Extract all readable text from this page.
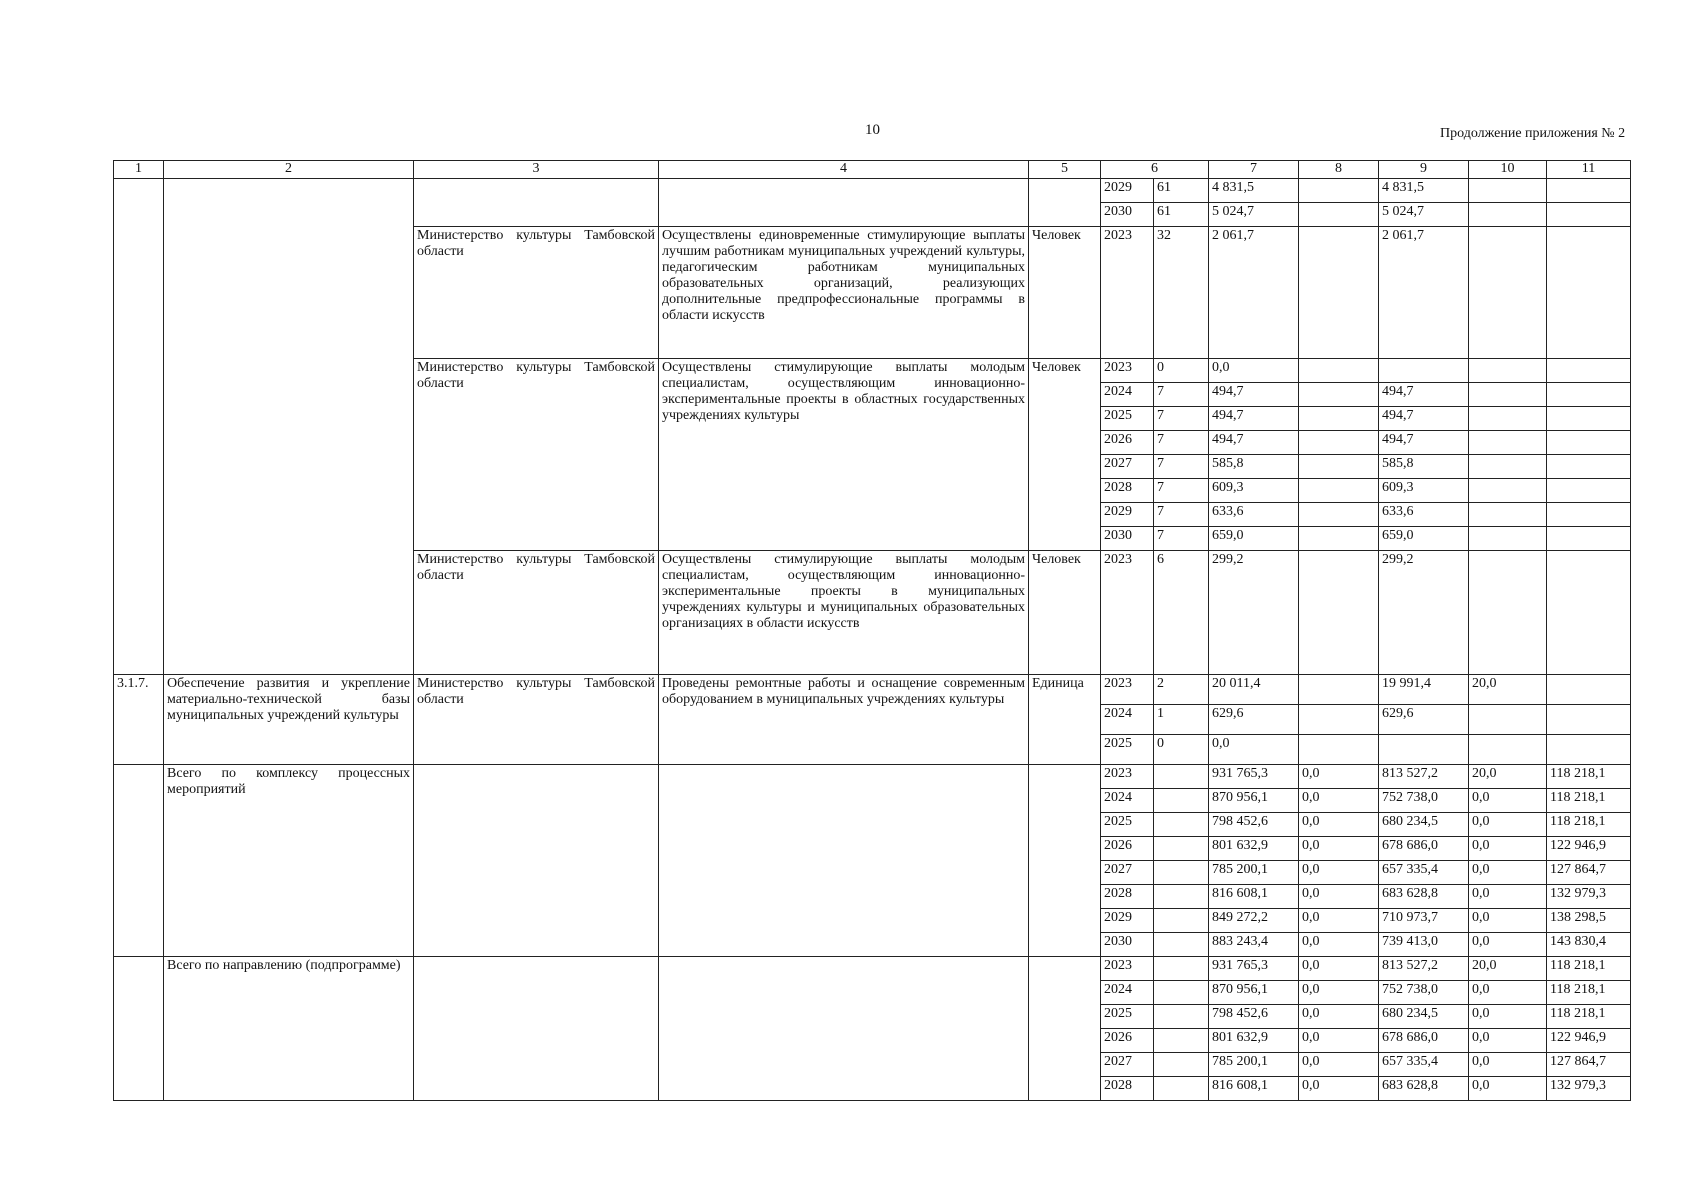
10	Продолжение приложения № 2
1	2	3	4	5	6		7	8	9	10	11
					2029	61	4 831,5		4 831,5		
					2030	61	5 024,7		5 024,7		
		Министерство культуры Тамбовской области	Осуществлены единовременные стимулирующие выплаты лучшим работникам муниципальных учреждений культуры, педагогическим работникам муниципальных образовательных организаций, реализующих дополнительные предпрофессиональные программы в области искусств	Человек	2023	32	2 061,7		2 061,7		
		Министерство культуры Тамбовской области	Осуществлены стимулирующие выплаты молодым специалистам, осуществляющим инновационно-экспериментальные проекты в областных государственных учреждениях культуры	Человек	2023	0	0,0				
					2024	7	494,7		494,7		
					2025	7	494,7		494,7		
					2026	7	494,7		494,7		
					2027	7	585,8		585,8		
					2028	7	609,3		609,3		
					2029	7	633,6		633,6		
					2030	7	659,0		659,0		
		Министерство культуры Тамбовской области	Осуществлены стимулирующие выплаты молодым специалистам, осуществляющим инновационно-экспериментальные проекты в муниципальных учреждениях культуры и муниципальных образовательных организациях в области искусств	Человек	2023	6	299,2		299,2		
3.1.7.	Обеспечение развития и укрепление материально-технической базы муниципальных учреждений культуры	Министерство культуры Тамбовской области	Проведены ремонтные работы и оснащение современным оборудованием в муниципальных учреждениях культуры	Единица	2023	2	20 011,4		19 991,4	20,0	
					2024	1	629,6		629,6		
					2025	0	0,0				
	Всего по комплексу процессных мероприятий				2023		931 765,3	0,0	813 527,2	20,0	118 218,1
					2024		870 956,1	0,0	752 738,0	0,0	118 218,1
					2025		798 452,6	0,0	680 234,5	0,0	118 218,1
					2026		801 632,9	0,0	678 686,0	0,0	122 946,9
					2027		785 200,1	0,0	657 335,4	0,0	127 864,7
					2028		816 608,1	0,0	683 628,8	0,0	132 979,3
					2029		849 272,2	0,0	710 973,7	0,0	138 298,5
					2030		883 243,4	0,0	739 413,0	0,0	143 830,4
	Всего по направлению (подпрограмме)				2023		931 765,3	0,0	813 527,2	20,0	118 218,1
					2024		870 956,1	0,0	752 738,0	0,0	118 218,1
					2025		798 452,6	0,0	680 234,5	0,0	118 218,1
					2026		801 632,9	0,0	678 686,0	0,0	122 946,9
					2027		785 200,1	0,0	657 335,4	0,0	127 864,7
					2028		816 608,1	0,0	683 628,8	0,0	132 979,3
